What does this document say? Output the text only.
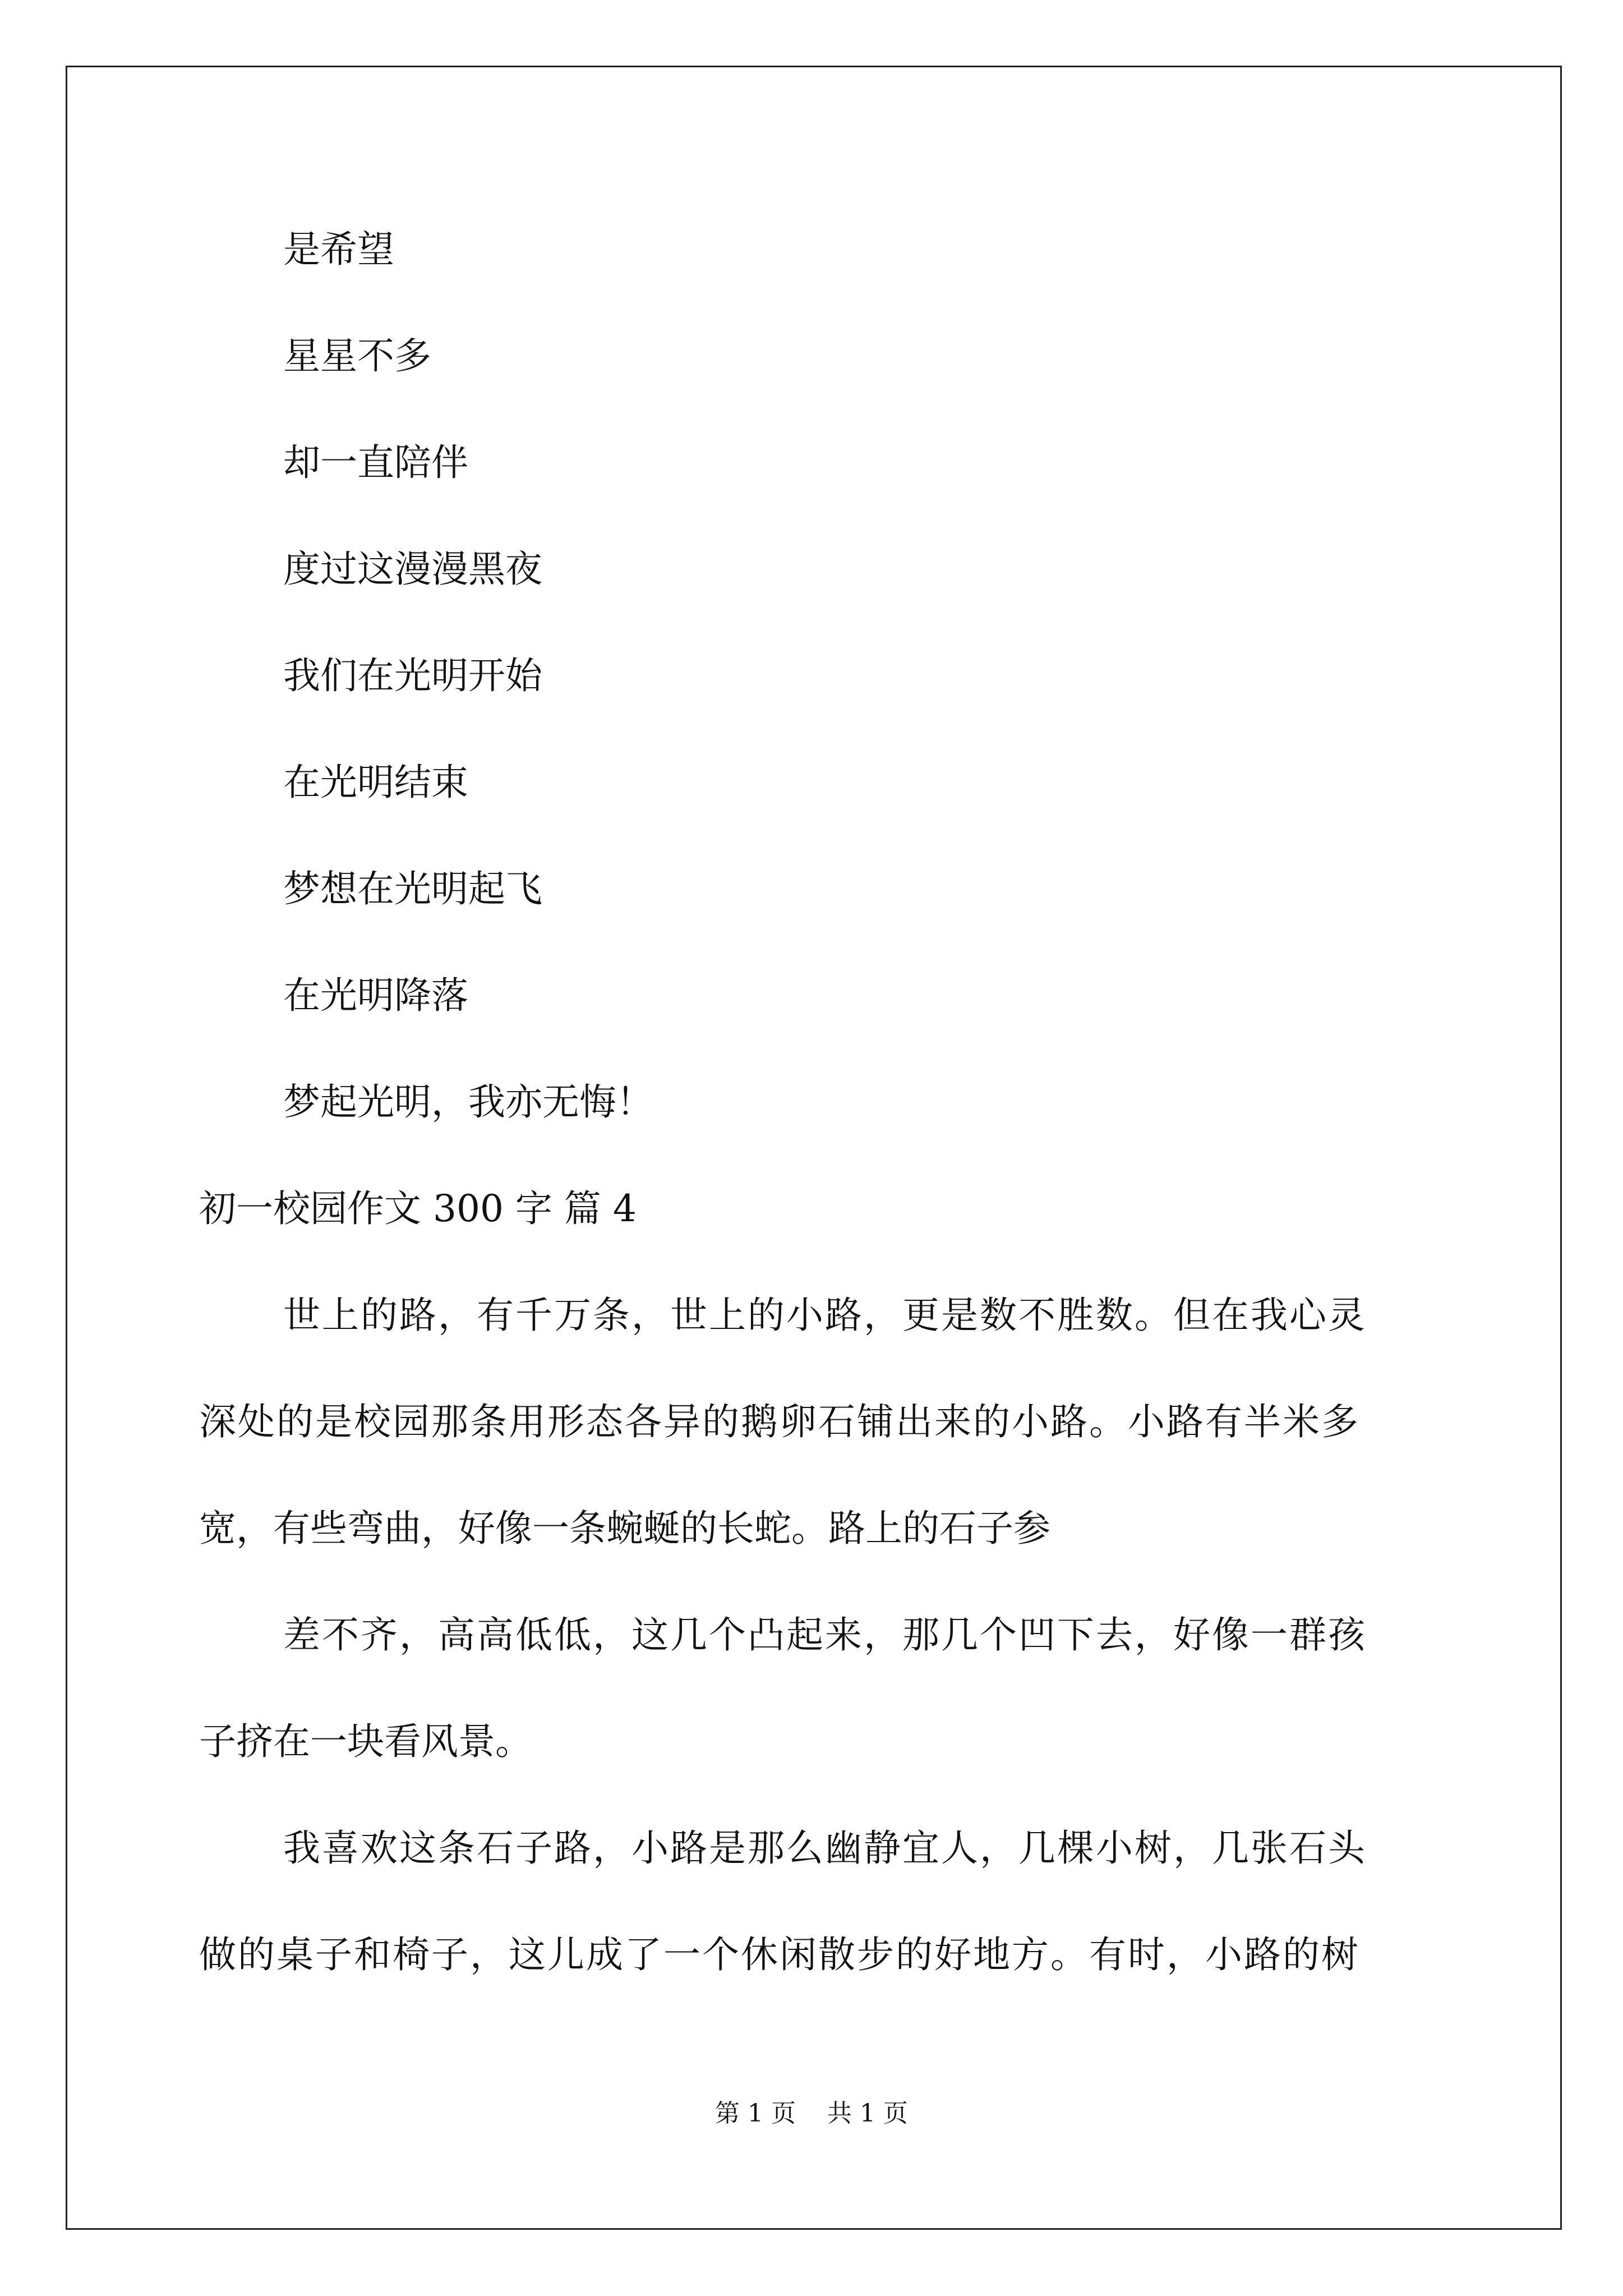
是希望

星星不多

却一直陪伴

度过这漫漫黑夜

我们在光明开始

在光明结束

梦想在光明起飞

在光明降落

梦起光明，我亦无悔！

初一校园作文 300 字 篇 4

世上的路，有千万条，世上的小路，更是数不胜数。但在我心灵

深处的是校园那条用形态各异的鹅卵石铺出来的小路。小路有半米多

宽，有些弯曲，好像一条蜿蜒的长蛇。路上的石子参

差不齐，高高低低，这几个凸起来，那几个凹下去，好像一群孩

子挤在一块看风景。

我喜欢这条石子路，小路是那么幽静宜人，几棵小树，几张石头

做的桌子和椅子，这儿成了一个休闲散步的好地方。有时，小路的树

第 1 页    共 1 页
